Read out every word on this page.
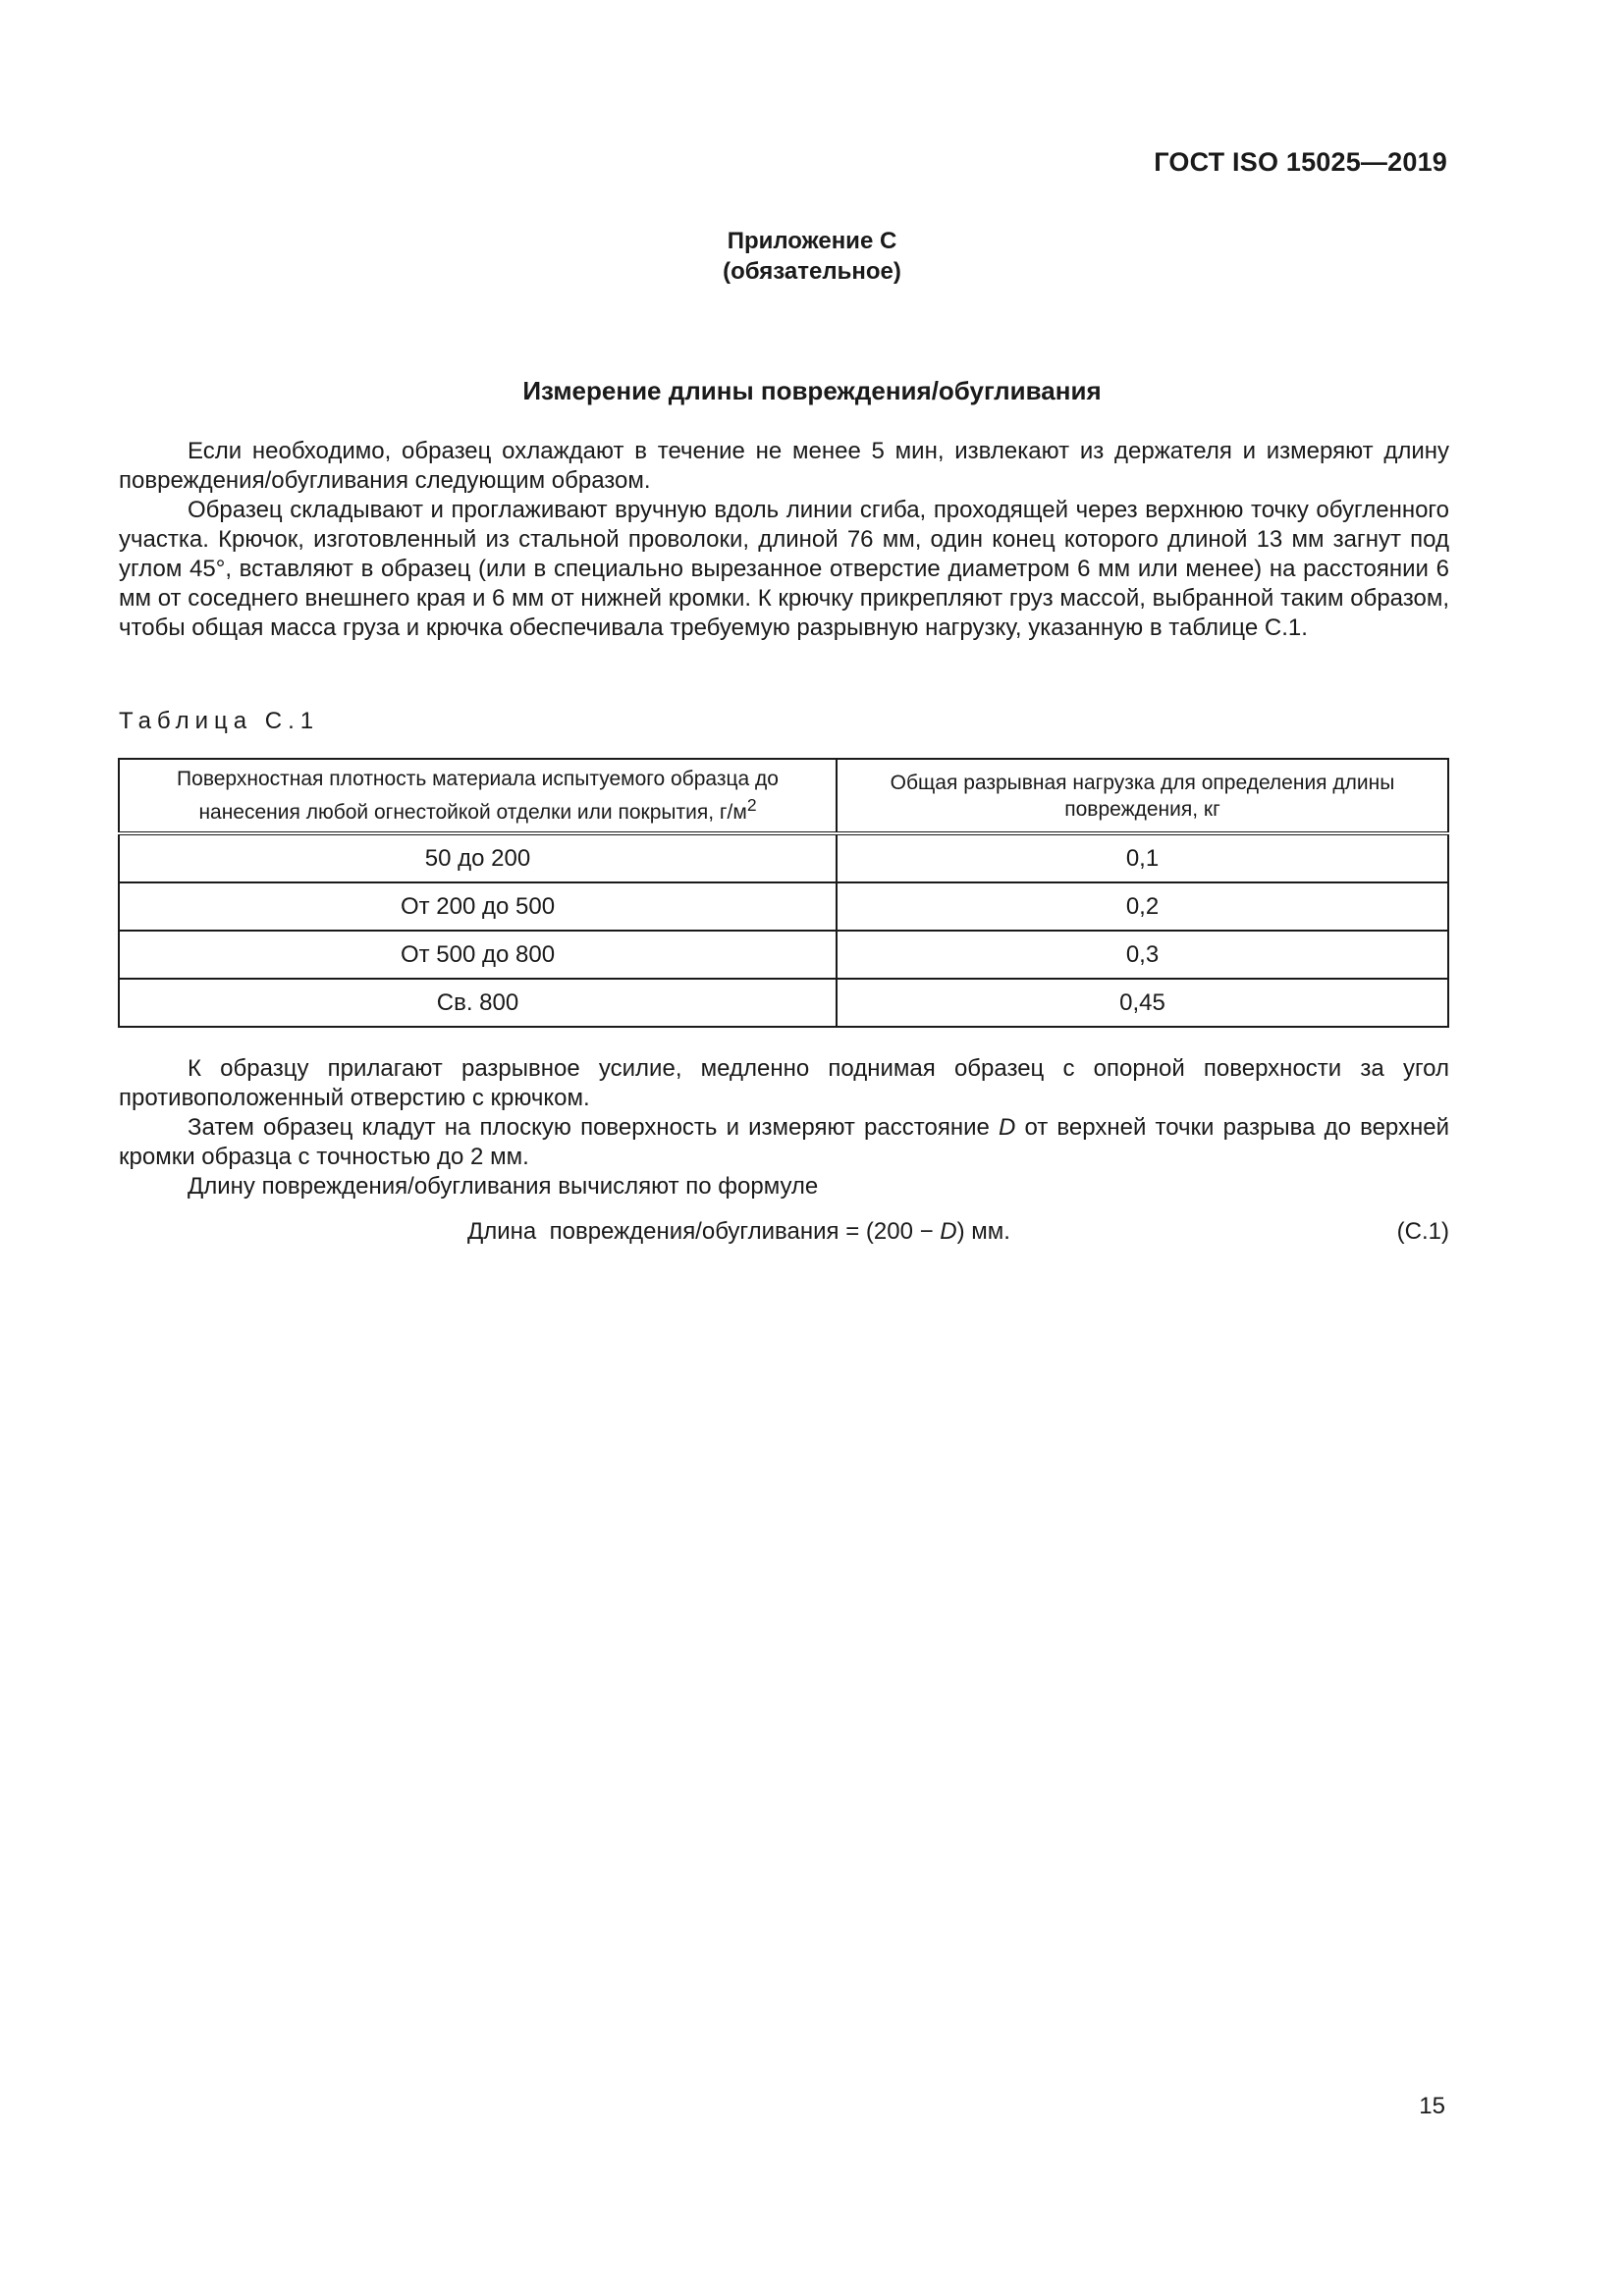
ГОСТ ISO 15025—2019
Приложение С
(обязательное)
Измерение длины повреждения/обугливания

Если необходимо, образец охлаждают в течение не менее 5 мин, извлекают из держателя и измеряют длину повреждения/обугливания следующим образом.

Образец складывают и проглаживают вручную вдоль линии сгиба, проходящей через верхнюю точку обугленного участка. Крючок, изготовленный из стальной проволоки, длиной 76 мм, один конец которого длиной 13 мм загнут под углом 45°, вставляют в образец (или в специально вырезанное отверстие диаметром 6 мм или менее) на расстоянии 6 мм от соседнего внешнего края и 6 мм от нижней кромки. К крючку прикрепляют груз массой, выбранной таким образом, чтобы общая масса груза и крючка обеспечивала требуемую разрывную нагрузку, указанную в таблице С.1.

Таблица С.1
Поверхностная плотность материала испытуемого образца до нанесения любой огнестойкой отделки или покрытия, $г/м^2$	Общая разрывная нагрузка для определения длины повреждения, кг
50 до 200	0,1
От 200 до 500	0,2
От 500 до 800	0,3
Св. 800	0,45

К образцу прилагают разрывное усилие, медленно поднимая образец с опорной поверхности за угол противоположенный отверстию с крючком.

Затем образец кладут на плоскую поверхность и измеряют расстояние D от верхней точки разрыва до верхней кромки образца с точностью до 2 мм.

Длину повреждения/обугливания вычисляют по формуле

Длина  повреждения/обугливания = (200 − D) мм.	(С.1)
15
